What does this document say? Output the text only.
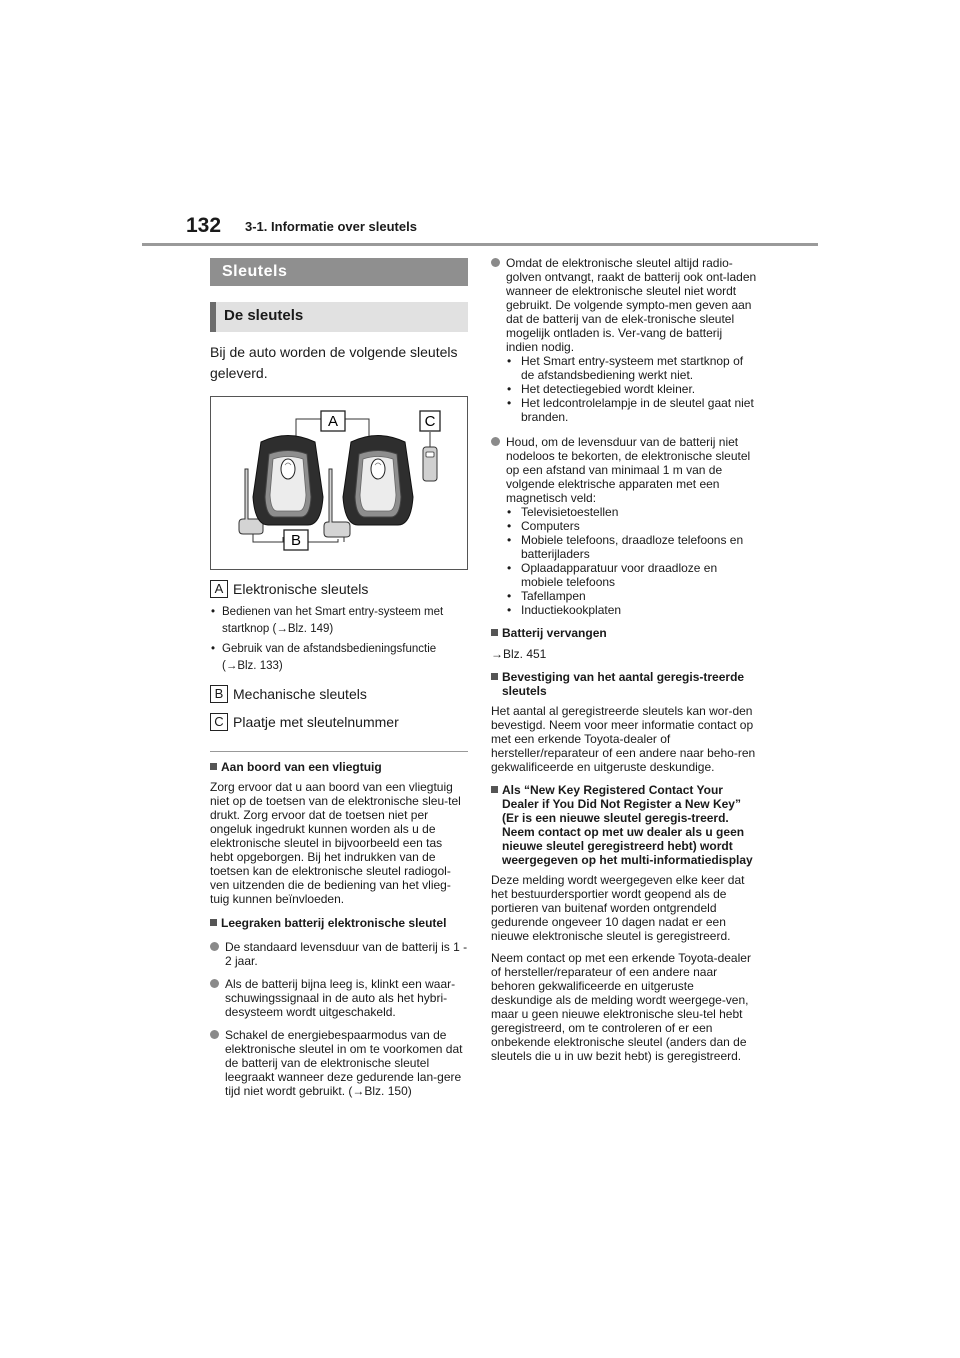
132 3-1. Informatie over sleutels
Sleutels
De sleutels
Bij de auto worden de volgende sleutels geleverd.
A	C
B
A Elektronische sleutels
• Bedienen van het Smart entry-systeem met startknop (→Blz. 149)
• Gebruik van de afstandsbedieningsfunctie (→Blz. 133)
B Mechanische sleutels
C Plaatje met sleutelnummer
Aan boord van een vliegtuig
Zorg ervoor dat u aan boord van een vliegtuig niet op de toetsen van de elektronische sleu-tel drukt. Zorg ervoor dat de toetsen niet per ongeluk ingedrukt kunnen worden als u de elektronische sleutel in bijvoorbeeld een tas hebt opgeborgen. Bij het indrukken van de toetsen kan de elektronische sleutel radiogol-ven uitzenden die de bediening van het vlieg-tuig kunnen beïnvloeden.
Leegraken batterij elektronische sleutel
De standaard levensduur van de batterij is 1 - 2 jaar.
Als de batterij bijna leeg is, klinkt een waar-schuwingssignaal in de auto als het hybri-desysteem wordt uitgeschakeld.
Schakel de energiebespaarmodus van de elektronische sleutel in om te voorkomen dat de batterij van de elektronische sleutel leegraakt wanneer deze gedurende lan-gere tijd niet wordt gebruikt. (→Blz. 150)
Omdat de elektronische sleutel altijd radio-golven ontvangt, raakt de batterij ook ont-laden wanneer de elektronische sleutel niet wordt gebruikt. De volgende sympto-men geven aan dat de batterij van de elek-tronische sleutel mogelijk ontladen is. Ver-vang de batterij indien nodig.
• Het Smart entry-systeem met startknop of de afstandsbediening werkt niet.
• Het detectiegebied wordt kleiner.
• Het ledcontrolelampje in de sleutel gaat niet branden.
Houd, om de levensduur van de batterij niet nodeloos te bekorten, de elektronische sleutel op een afstand van minimaal 1 m van de volgende elektrische apparaten met een magnetisch veld:
• Televisietoestellen
• Computers
• Mobiele telefoons, draadloze telefoons en batterijladers
• Oplaadapparatuur voor draadloze en mobiele telefoons
• Tafellampen
• Inductiekookplaten
Batterij vervangen
→Blz. 451
Bevestiging van het aantal geregis-treerde sleutels
Het aantal al geregistreerde sleutels kan wor-den bevestigd. Neem voor meer informatie contact op met een erkende Toyota-dealer of hersteller/reparateur of een andere naar beho-ren gekwalificeerde en uitgeruste deskundige.
Als “New Key Registered Contact Your Dealer if You Did Not Register a New Key” (Er is een nieuwe sleutel geregis-treerd. Neem contact op met uw dealer als u geen nieuwe sleutel geregistreerd hebt) wordt weergegeven op het multi-informatiedisplay
Deze melding wordt weergegeven elke keer dat het bestuurdersportier wordt geopend als de portieren van buitenaf worden ontgrendeld gedurende ongeveer 10 dagen nadat er een nieuwe elektronische sleutel is geregistreerd.
Neem contact op met een erkende Toyota-dealer of hersteller/reparateur of een andere naar behoren gekwalificeerde en uitgeruste deskundige als de melding wordt weergege-ven, maar u geen nieuwe elektronische sleu-tel hebt geregistreerd, om te controleren of er een onbekende elektronische sleutel (anders dan de sleutels die u in uw bezit hebt) is geregistreerd.
